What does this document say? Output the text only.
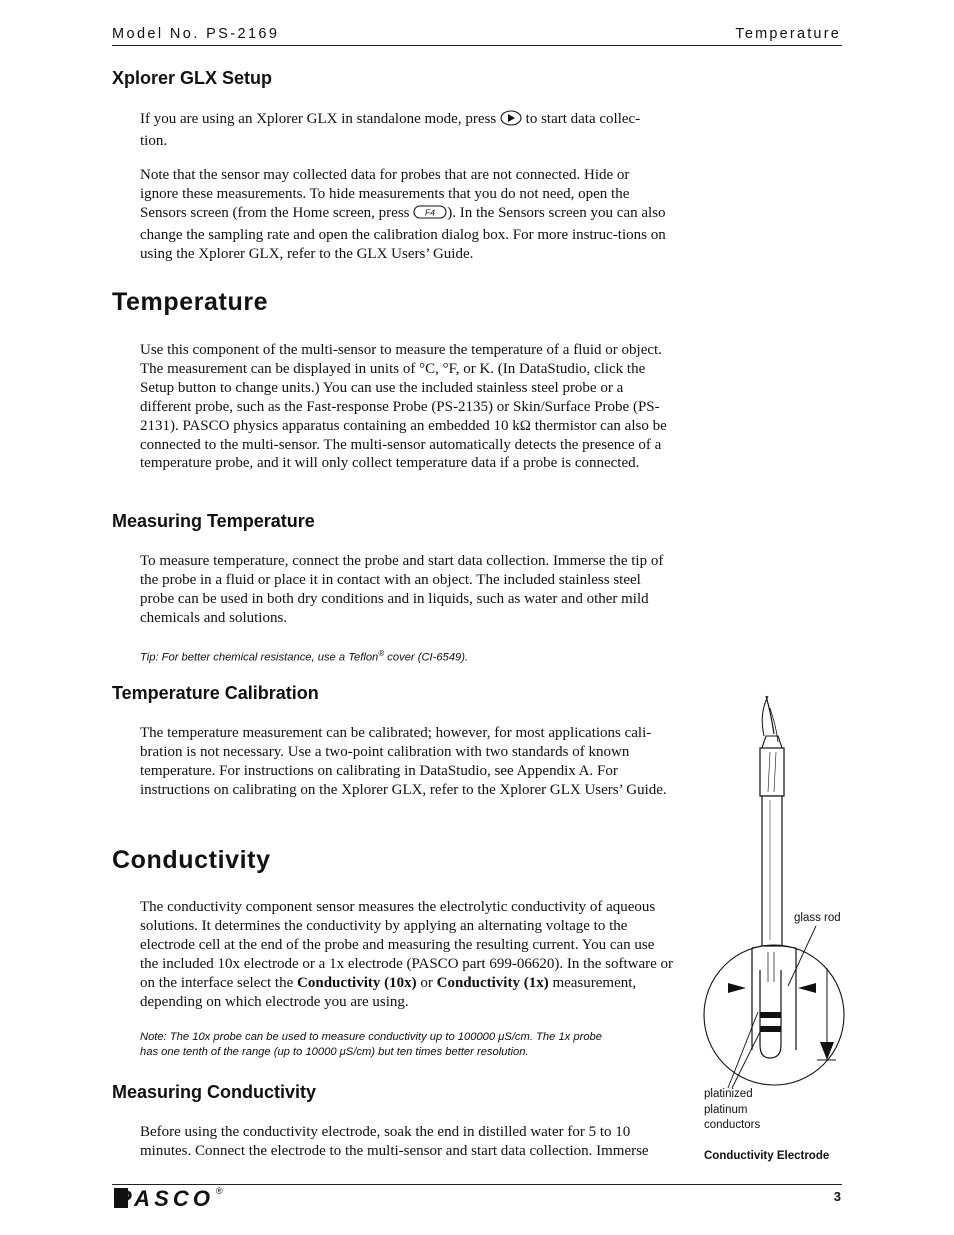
Model No. PS-2169	Temperature
Xplorer GLX Setup

If you are using an Xplorer GLX in standalone mode, press to start data collec-
tion.

Note that the sensor may collected data for probes that are not connected. Hide or ignore these measurements. To hide measurements that you do not need, open the Sensors screen (from the Home screen, press F4 ). In the Sensors screen you can also change the sampling rate and open the calibration dialog box. For more instruc-tions on using the Xplorer GLX, refer to the GLX Users’ Guide.

Temperature

Use this component of the multi-sensor to measure the temperature of a fluid or object. The measurement can be displayed in units of °C, °F, or K. (In DataStudio, click the Setup button to change units.) You can use the included stainless steel probe or a different probe, such as the Fast-response Probe (PS-2135) or Skin/Surface Probe (PS-2131). PASCO physics apparatus containing an embedded 10 kΩ thermistor can also be connected to the multi-sensor. The multi-sensor automatically detects the presence of a temperature probe, and it will only collect temperature data if a probe is connected.

Measuring Temperature

To measure temperature, connect the probe and start data collection. Immerse the tip of the probe in a fluid or place it in contact with an object. The included stainless steel probe can be used in both dry conditions and in liquids, such as water and other mild chemicals and solutions.

Tip: For better chemical resistance, use a Teflon® cover (CI-6549).

Temperature Calibration

The temperature measurement can be calibrated; however, for most applications cali-bration is not necessary. Use a two-point calibration with two standards of known temperature. For instructions on calibrating in DataStudio, see Appendix A. For instructions on calibrating on the Xplorer GLX, refer to the Xplorer GLX Users’ Guide.

Conductivity

The conductivity component sensor measures the electrolytic conductivity of aqueous solutions. It determines the conductivity by applying an alternating voltage to the electrode cell at the end of the probe and measuring the resulting current. You can use the included 10x electrode or a 1x electrode (PASCO part 699-06620). In the software or on the interface select the Conductivity (10x) or Conductivity (1x) measurement, depending on which electrode you are using.

Note: The 10x probe can be used to measure conductivity up to 100000 μS/cm. The 1x probe
has one tenth of the range (up to 10000 μS/cm) but ten times better resolution.
Measuring Conductivity

Before using the conductivity electrode, soak the end in distilled water for 5 to 10 minutes. Connect the electrode to the multi-sensor and start data collection. Immerse

glass rod
platinized
platinum
conductors
Conductivity Electrode
PASCO ®	3
